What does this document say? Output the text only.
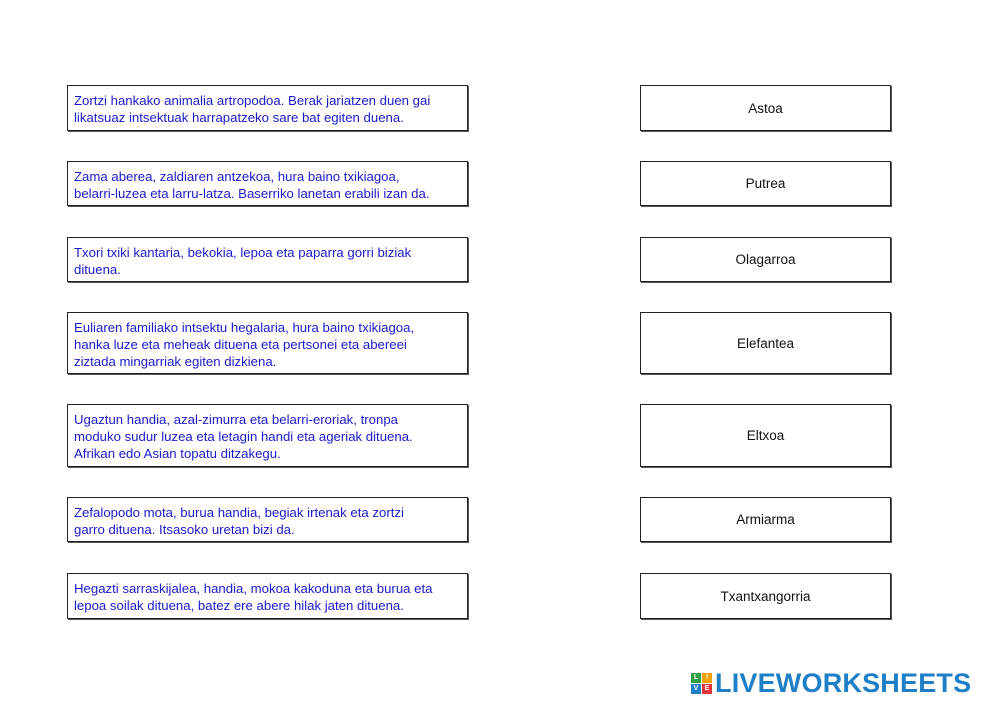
Zortzi hankako animalia artropodoa. Berak jariatzen duen gai
likatsuaz intsektuak harrapatzeko sare bat egiten duena.
Zama aberea, zaldiaren antzekoa, hura baino txikiagoa,
belarri-luzea eta larru-latza. Baserriko lanetan erabili izan da.
Txori txiki kantaria, bekokia, lepoa eta paparra gorri biziak
dituena.
Euliaren familiako intsektu hegalaria, hura baino txikiagoa,
hanka luze eta meheak dituena eta pertsonei eta abereei
ziztada mingarriak egiten dizkiena.
Ugaztun handia, azal-zimurra eta belarri-eroriak, tronpa
moduko sudur luzea eta letagin handi eta ageriak dituena.
Afrikan edo Asian topatu ditzakegu.
Zefalopodo mota, burua handia, begiak irtenak eta zortzi
garro dituena. Itsasoko uretan bizi da.
Hegazti sarraskijalea, handia, mokoa kakoduna eta burua eta
lepoa soilak dituena, batez ere abere hilak jaten dituena.
Astoa
Putrea
Olagarroa
Elefantea
Eltxoa
Armiarma
Txantxangorria
L	I
V E LIVEWORKSHEETS
